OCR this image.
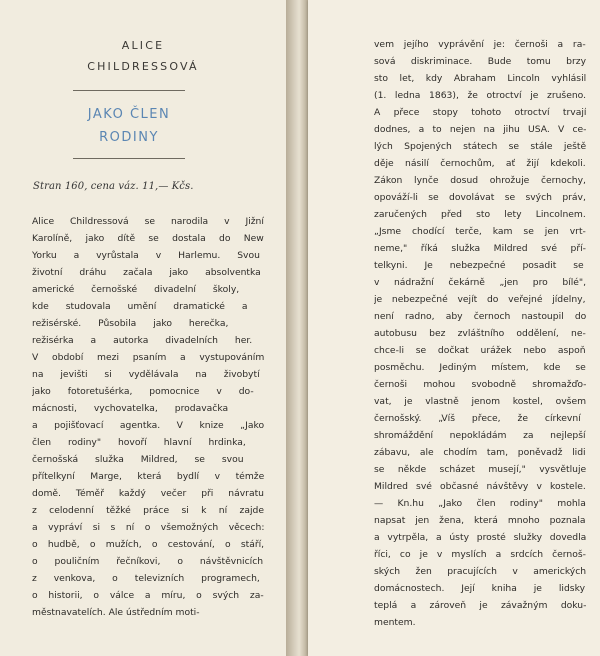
ALICE
CHILDRESSOVÁ
JAKO ČLEN
RODINY
Stran 160, cena váz. 11,— Kčs.
Alice Childressová se narodila v Jižní
Karolíně, jako dítě se dostala do New
Yorku a vyrůstala v Harlemu. Svou
životní dráhu začala jako absolventka
americké černošské divadelní školy,
kde studovala umění dramatické a
režisérské. Působila jako herečka,
režisérka a autorka divadelních her.
V období mezi psaním a vystupováním
na jevišti si vydělávala na živobytí
jako fotoretušérka, pomocnice v do-
mácnosti, vychovatelka, prodavačka
a pojišťovací agentka. V knize „Jako
člen rodiny" hovoří hlavní hrdinka,
černošská služka Mildred, se svou
přítelkyní Marge, která bydlí v témže
domě. Téměř každý večer při návratu
z celodenní těžké práce si k ní zajde
a vypráví si s ní o všemožných věcech:
o hudbě, o mužích, o cestování, o stáří,
o pouličním řečníkovi, o návštěvnicích
z venkova, o televizních programech,
o historii, o válce a míru, o svých za-
městnavatelích. Ale ústředním moti-
vem jejího vyprávění je: černoši a ra-
sová diskriminace. Bude tomu brzy
sto let, kdy Abraham Lincoln vyhlásil
(1. ledna 1863), že otroctví je zrušeno.
A přece stopy tohoto otroctví trvají
dodnes, a to nejen na jihu USA. V ce-
lých Spojených státech se stále ještě
děje násilí černochům, ať žijí kdekoli.
Zákon lynče dosud ohrožuje černochy,
opováží-li se dovolávat se svých práv,
zaručených před sto lety Lincolnem.
„Jsme chodící terče, kam se jen vrt-
neme," říká služka Mildred své pří-
telkyni. Je nebezpečné posadit se
v nádražní čekárně „jen pro bílé",
je nebezpečné vejít do veřejné jídelny,
není radno, aby černoch nastoupil do
autobusu bez zvláštního oddělení, ne-
chce-li se dočkat urážek nebo aspoň
posměchu. Jediným místem, kde se
černoši mohou svobodně shromažďo-
vat, je vlastně jenom kostel, ovšem
černošský. „Víš přece, že církevní
shromáždění nepokládám za nejlepší
zábavu, ale chodím tam, poněvadž lidi
se někde scházet musejí," vysvětluje
Mildred své občasné návštěvy v kostele.
— Kn.hu „Jako člen rodiny" mohla
napsat jen žena, která mnoho poznala
a vytrpěla, a ústy prosté služky dovedla
říci, co je v myslích a srdcích černoš-
ských žen pracujících v amerických
domácnostech. Její kniha je lidsky
teplá a zároveň je závažným doku-
mentem.
